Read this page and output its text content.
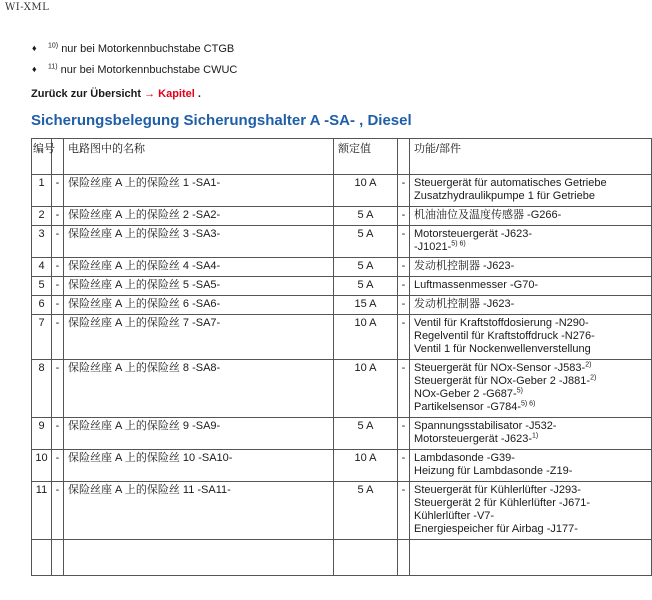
WI-XML
♦ $^{10)}$ nur bei Motorkennbuchstabe CTGB
♦ $^{11)}$ nur bei Motorkennbuchstabe CWUC
Zurück zur Übersicht → Kapitel .
Sicherungsbelegung Sicherungshalter A -SA- , Diesel
编号		电路图中的名称	额定值		功能/部件
1	-	保险丝座 A 上的保险丝 1 -SA1-	10 A	-	Steuergerät für automatisches Getriebe
Zusatzhydraulikpumpe 1 für Getriebe

2	-	保险丝座 A 上的保险丝 2 -SA2-	5 A	-	机油油位及温度传感器 -G266-

3	-	保险丝座 A 上的保险丝 3 -SA3-	5 A	-	Motorsteuergerät -J623-
-J1021-$^{5) 6)}$

4	-	保险丝座 A 上的保险丝 4 -SA4-	5 A	-	发动机控制器 -J623-

5	-	保险丝座 A 上的保险丝 5 -SA5-	5 A	-	Luftmassenmesser -G70-

6	-	保险丝座 A 上的保险丝 6 -SA6-	15 A	-	发动机控制器 -J623-

7	-	保险丝座 A 上的保险丝 7 -SA7-	10 A	-	Ventil für Kraftstoffdosierung -N290-
Regelventil für Kraftstoffdruck -N276-
Ventil 1 für Nockenwellenverstellung

8	-	保险丝座 A 上的保险丝 8 -SA8-	10 A	-	Steuergerät für NOx-Sensor -J583-$^{2)}$
Steuergerät für NOx-Geber 2 -J881-$^{2)}$
NOx-Geber 2 -G687-$^{5)}$
Partikelsensor -G784-$^{5) 6)}$

9	-	保险丝座 A 上的保险丝 9 -SA9-	5 A	-	Spannungsstabilisator -J532-
Motorsteuergerät -J623-$^{1)}$

10	-	保险丝座 A 上的保险丝 10 -SA10-	10 A	-	Lambdasonde -G39-
Heizung für Lambdasonde -Z19-

11	-	保险丝座 A 上的保险丝 11 -SA11-	5 A	-	Steuergerät für Kühlerlüfter -J293-
Steuergerät 2 für Kühlerlüfter -J671-
Kühlerlüfter -V7-
Energiespeicher für Airbag -J177-
